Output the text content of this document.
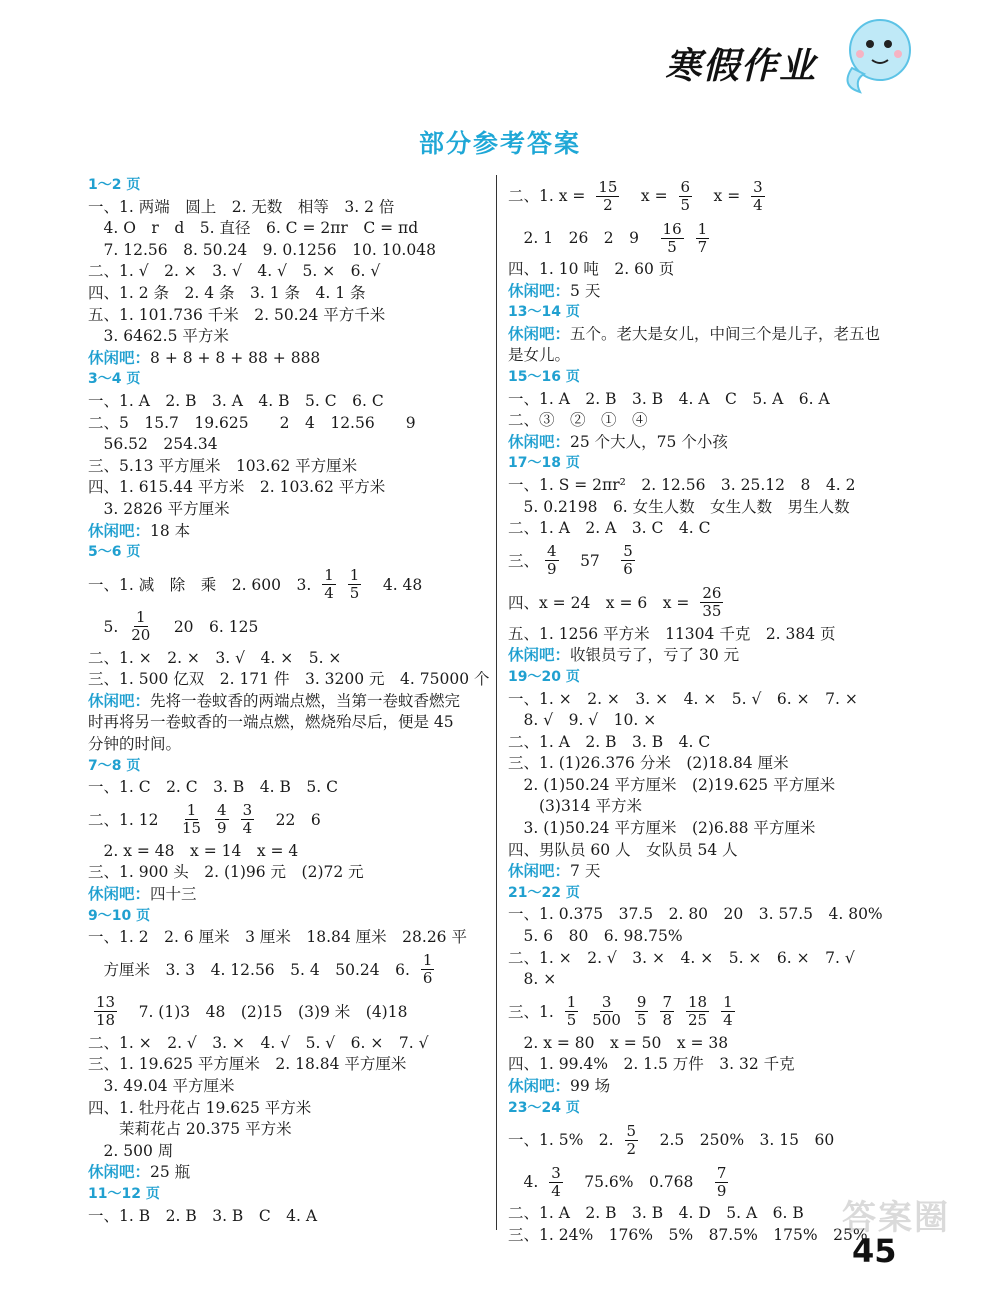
寒假作业
部分参考答案
1～2 页
一、1. 两端　圆上　2. 无数　相等　3. 2 倍
　4. O　r　d　5. 直径　6. C = 2πr　C = πd
　7. 12.56　8. 50.24　9. 0.1256　10. 10.048
二、1. √　2. ×　3. √　4. √　5. ×　6. √
四、1. 2 条　2. 4 条　3. 1 条　4. 1 条
五、1. 101.736 千米　2. 50.24 平方千米
　3. 6462.5 平方米
休闲吧：8 + 8 + 8 + 88 + 888
3～4 页
一、1. A　2. B　3. A　4. B　5. C　6. C
二、5　15.7　19.625　　2　4　12.56　　9
　56.52　254.34
三、5.13 平方厘米　103.62 平方厘米
四、1. 615.44 平方米　2. 103.62 平方米
　3. 2826 平方厘米
休闲吧：18 本
5～6 页
一、1. 减　除　乘　2. 600　3. $\frac{1}{4} \frac{1}{5}$ 　4. 48
　5. $\frac{1}{20}$ 　20　6. 125
二、1. ×　2. ×　3. √　4. ×　5. ×
三、1. 500 亿双　2. 171 件　3. 3200 元　4. 75000 个
休闲吧：先将一卷蚊香的两端点燃，当第一卷蚊香燃完
时再将另一卷蚊香的一端点燃，燃烧殆尽后，便是 45
分钟的时间。
7～8 页
一、1. C　2. C　3. B　4. B　5. C
二、1. 12　 $\frac{1}{15} \frac{4}{9} \frac{3}{4}$ 　22　6
　2. x = 48　x = 14　x = 4
三、1. 900 头　2. (1)96 元　(2)72 元
休闲吧：四十三
9～10 页
一、1. 2　2. 6 厘米　3 厘米　18.84 厘米　28.26 平
　方厘米　3. 3　4. 12.56　5. 4　50.24　6. $\frac{1}{6}$
$\frac{13}{18}$ 　7. (1)3　48　(2)15　(3)9 米　(4)18
二、1. ×　2. √　3. ×　4. √　5. √　6. ×　7. √
三、1. 19.625 平方厘米　2. 18.84 平方厘米
　3. 49.04 平方厘米
四、1. 牡丹花占 19.625 平方米
　　茉莉花占 20.375 平方米
　2. 500 周
休闲吧：25 瓶
11～12 页
一、1. B　2. B　3. B　C　4. A
二、1. $x = \frac{15}{2}$ 　$x = \frac{6}{5}$ 　$x = \frac{3}{4}$
　2. 1　26　2　9　 $\frac{16}{5} \frac{1}{7}$
四、1. 10 吨　2. 60 页
休闲吧：5 天
13～14 页
休闲吧：五个。老大是女儿，中间三个是儿子，老五也
是女儿。
15～16 页
一、1. A　2. B　3. B　4. A　C　5. A　6. A
二、③　②　①　④
休闲吧：25 个大人，75 个小孩
17～18 页
一、1. S = 2πr²　2. 12.56　3. 25.12　8　4. 2
　5. 0.2198　6. 女生人数　女生人数　男生人数
二、1. A　2. A　3. C　4. C
三、 $\frac{4}{9}$ 　57　 $\frac{5}{6}$
四、x = 24　x = 6　$x = \frac{26}{35}$
五、1. 1256 平方米　11304 千克　2. 384 页
休闲吧：收银员亏了，亏了 30 元
19～20 页
一、1. ×　2. ×　3. ×　4. ×　5. √　6. ×　7. ×
　8. √　9. √　10. ×
二、1. A　2. B　3. B　4. C
三、1. (1)26.376 分米　(2)18.84 厘米
　2. (1)50.24 平方厘米　(2)19.625 平方厘米
　　(3)314 平方米
　3. (1)50.24 平方厘米　(2)6.88 平方厘米
四、男队员 60 人　女队员 54 人
休闲吧：7 天
21～22 页
一、1. 0.375　37.5　2. 80　20　3. 57.5　4. 80%
　5. 6　80　6. 98.75%
二、1. ×　2. √　3. ×　4. ×　5. ×　6. ×　7. √
　8. ×
三、1. $\frac{1}{5} \frac{3}{500} \frac{9}{5} \frac{7}{8} \frac{18}{25} \frac{1}{4}$
　2. x = 80　x = 50　x = 38
四、1. 99.4%　2. 1.5 万件　3. 32 千克
休闲吧：99 场
23～24 页
一、1. 5%　2. $\frac{5}{2}$ 　2.5　250%　3. 15　60
　4. $\frac{3}{4}$ 　75.6%　0.768　 $\frac{7}{9}$
二、1. A　2. B　3. B　4. D　5. A　6. B
三、1. 24%　176%　5%　87.5%　175%　25%
答案圈
45
